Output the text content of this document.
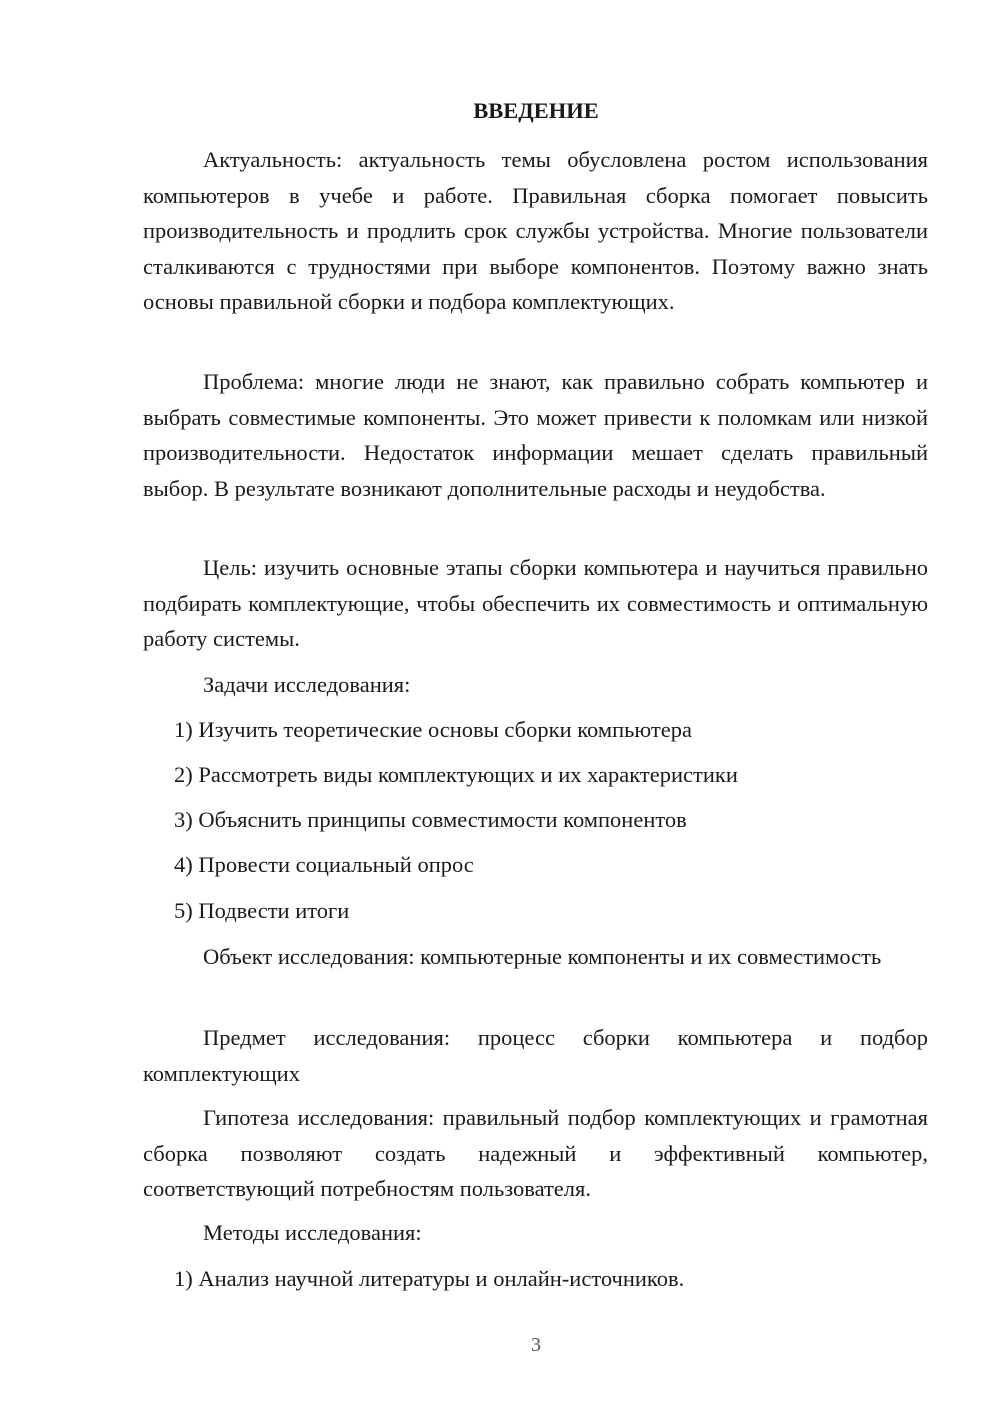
ВВЕДЕНИЕ

Актуальность: актуальность темы обусловлена ростом использования компьютеров в учебе и работе. Правильная сборка помогает повысить производительность и продлить срок службы устройства. Многие пользователи сталкиваются с трудностями при выборе компонентов. Поэтому важно знать основы правильной сборки и подбора комплектующих.

Проблема: многие люди не знают, как правильно собрать компьютер и выбрать совместимые компоненты. Это может привести к поломкам или низкой производительности. Недостаток информации мешает сделать правильный выбор. В результате возникают дополнительные расходы и неудобства.

Цель: изучить основные этапы сборки компьютера и научиться правильно подбирать комплектующие, чтобы обеспечить их совместимость и оптимальную работу системы.

Задачи исследования:

1) Изучить теоретические основы сборки компьютера

2) Рассмотреть виды комплектующих и их характеристики

3) Объяснить принципы совместимости компонентов

4) Провести социальный опрос

5) Подвести итоги

Объект исследования: компьютерные компоненты и их совместимость

Предмет исследования: процесс сборки компьютера и подбор комплектующих

Гипотеза исследования: правильный подбор комплектующих и грамотная сборка позволяют создать надежный и эффективный компьютер, соответствующий потребностям пользователя.

Методы исследования:

1) Анализ научной литературы и онлайн-источников.

3
